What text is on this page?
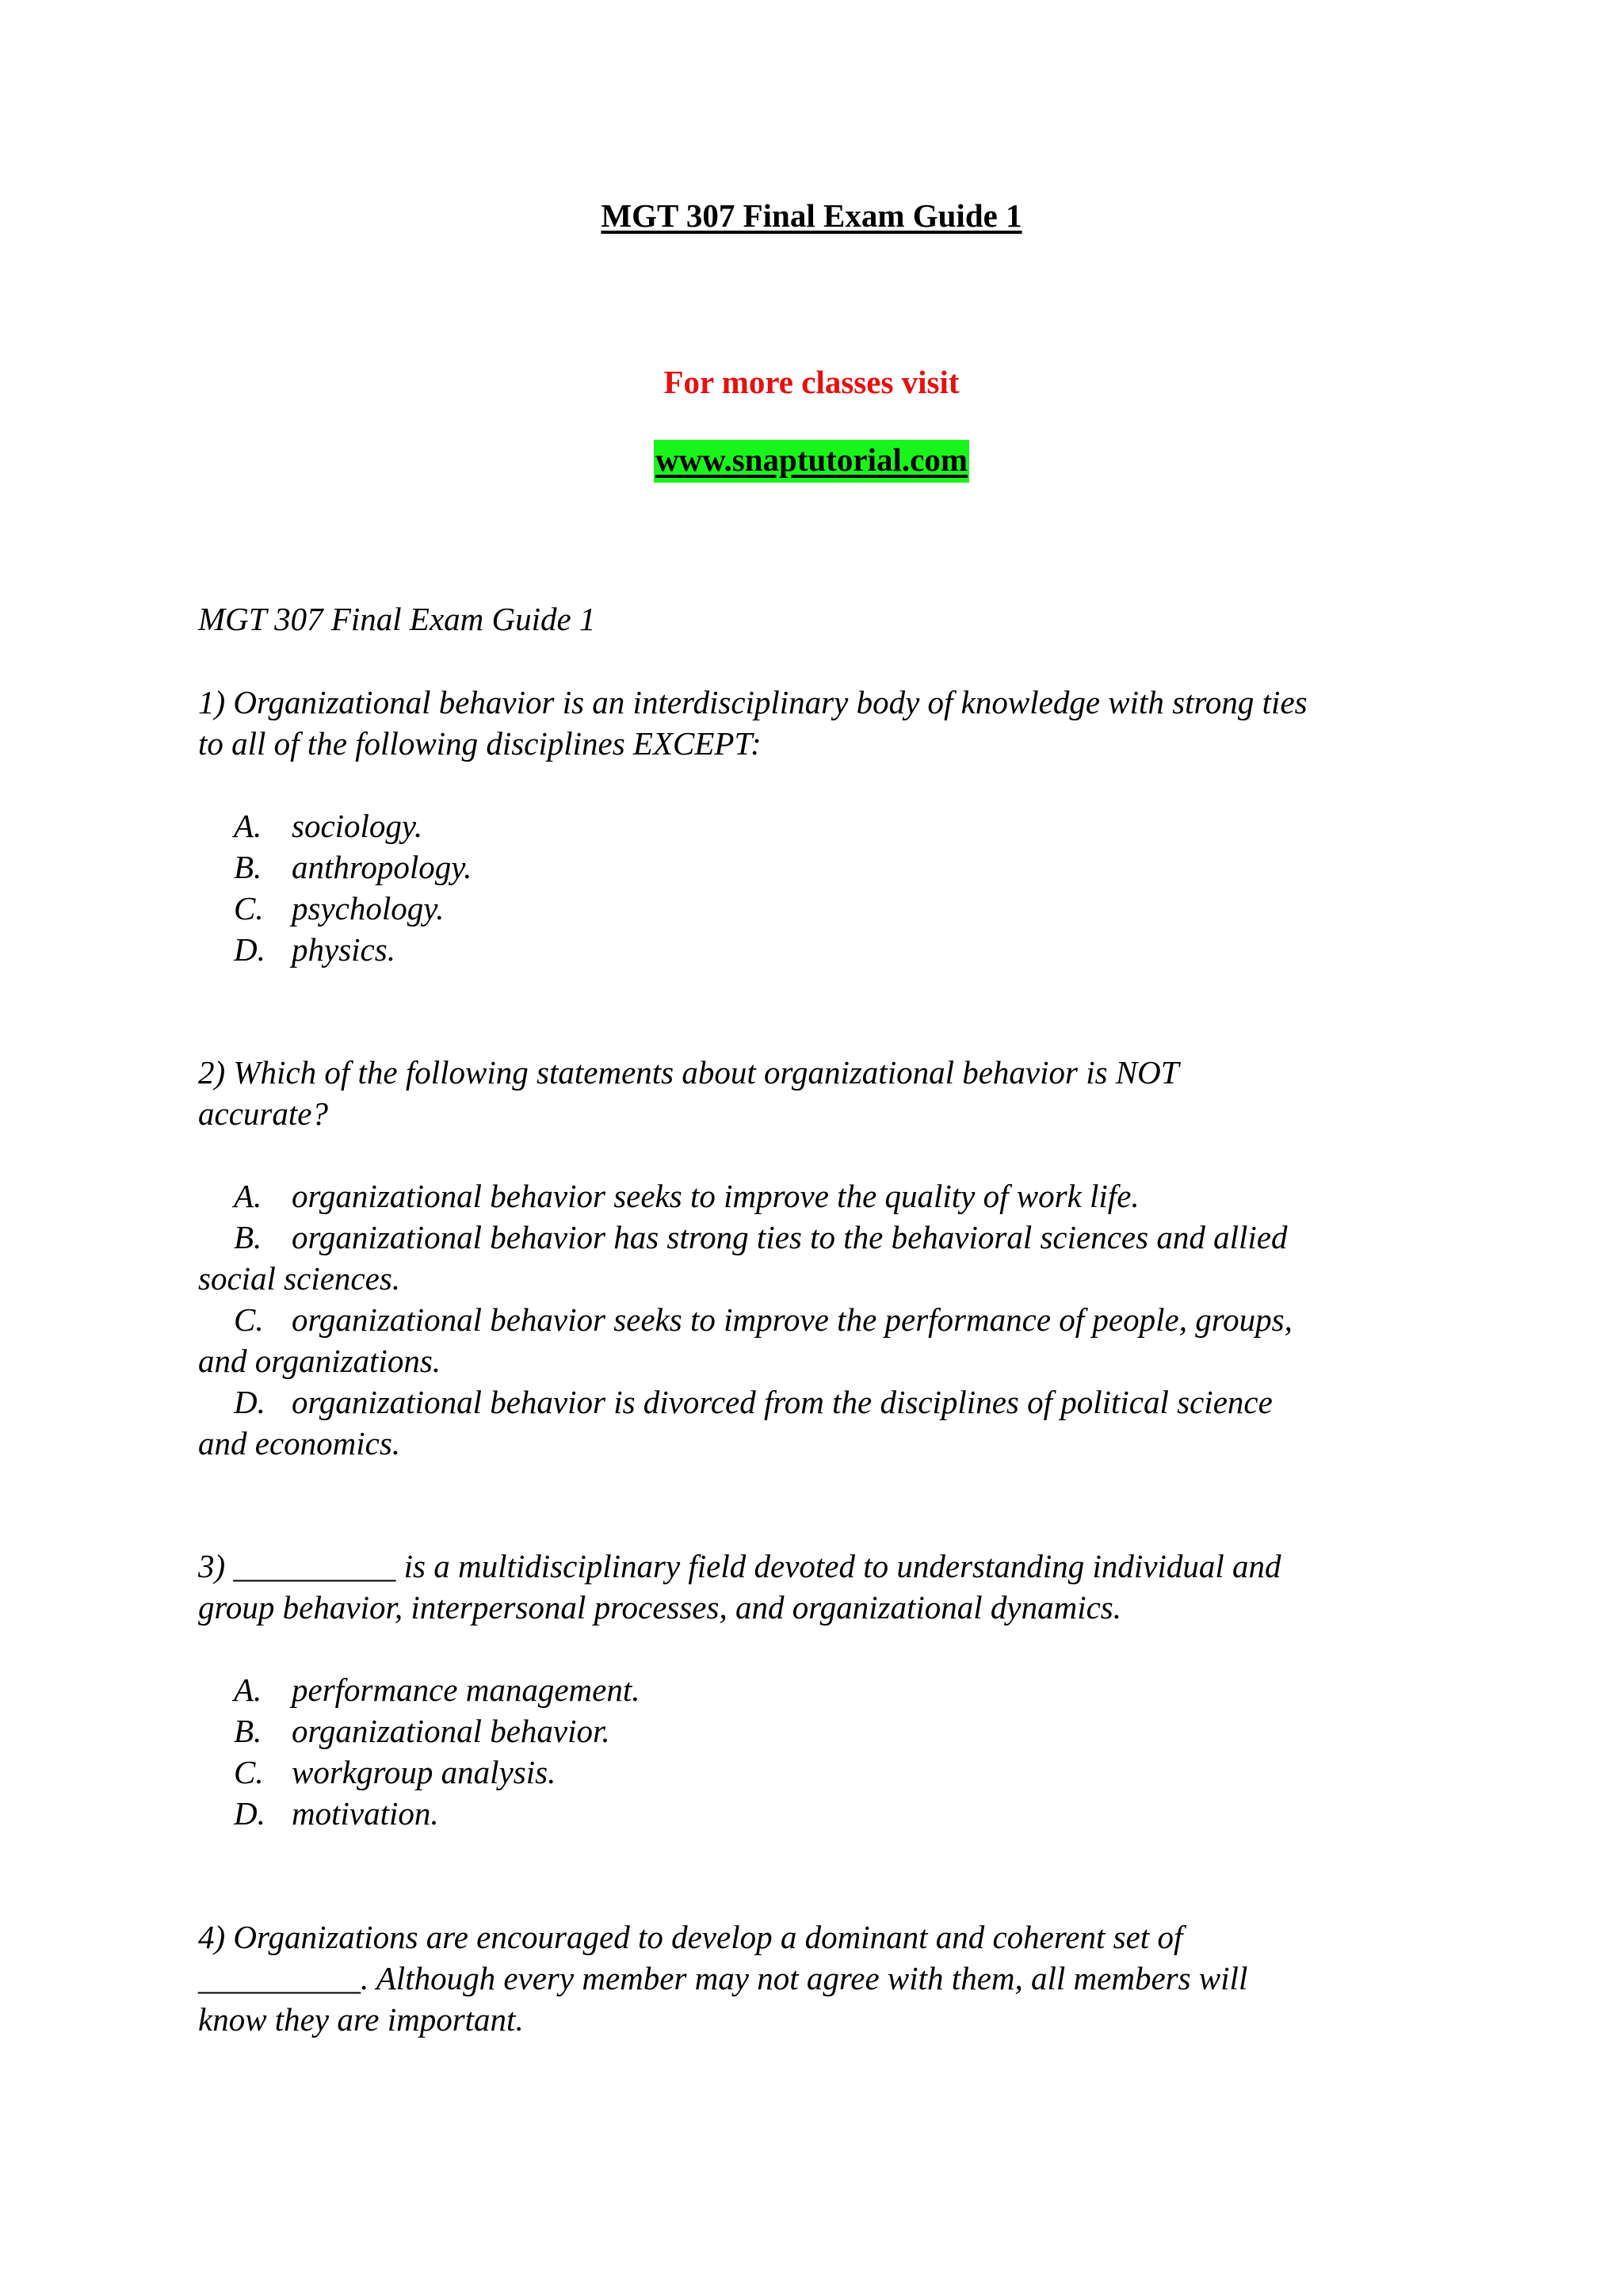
MGT 307 Final Exam Guide 1
For more classes visit
www.snaptutorial.com
MGT 307 Final Exam Guide 1
1) Organizational behavior is an interdisciplinary body of knowledge with strong ties
to all of the following disciplines EXCEPT:
A. sociology.
B. anthropology.
C. psychology.
D. physics.
2) Which of the following statements about organizational behavior is NOT
accurate?
A. organizational behavior seeks to improve the quality of work life.
B. organizational behavior has strong ties to the behavioral sciences and allied
social sciences.
C. organizational behavior seeks to improve the performance of people, groups,
and organizations.
D. organizational behavior is divorced from the disciplines of political science
and economics.
3) __________ is a multidisciplinary field devoted to understanding individual and
group behavior, interpersonal processes, and organizational dynamics.
A. performance management.
B. organizational behavior.
C. workgroup analysis.
D. motivation.
4) Organizations are encouraged to develop a dominant and coherent set of
__________. Although every member may not agree with them, all members will
know they are important.
